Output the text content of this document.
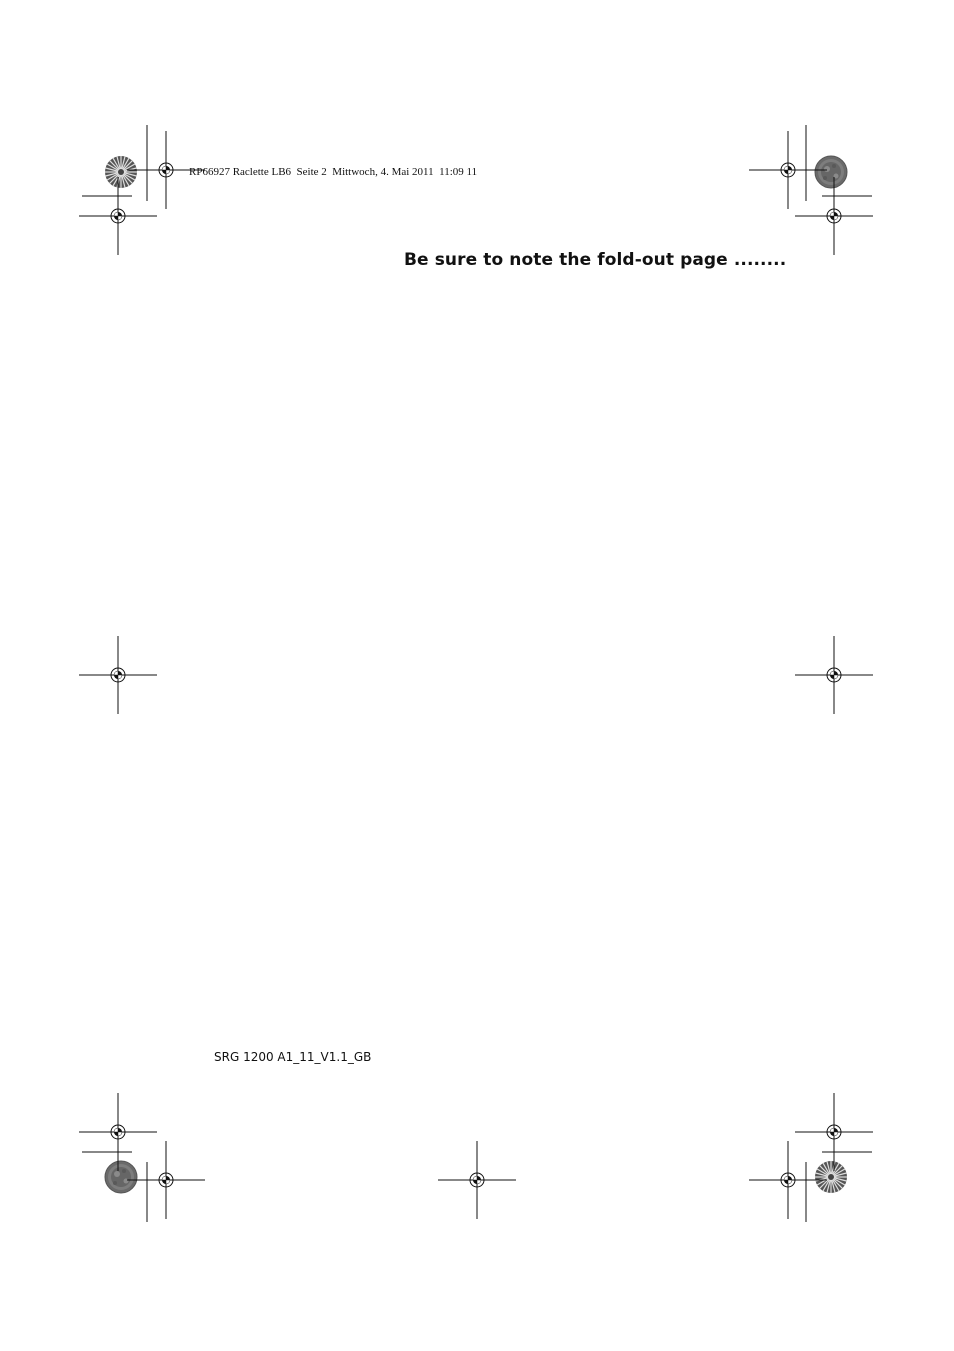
RP66927 Raclette LB6  Seite 2  Mittwoch, 4. Mai 2011  11:09 11
Be sure to note the fold-out page ........
SRG 1200 A1_11_V1.1_GB
